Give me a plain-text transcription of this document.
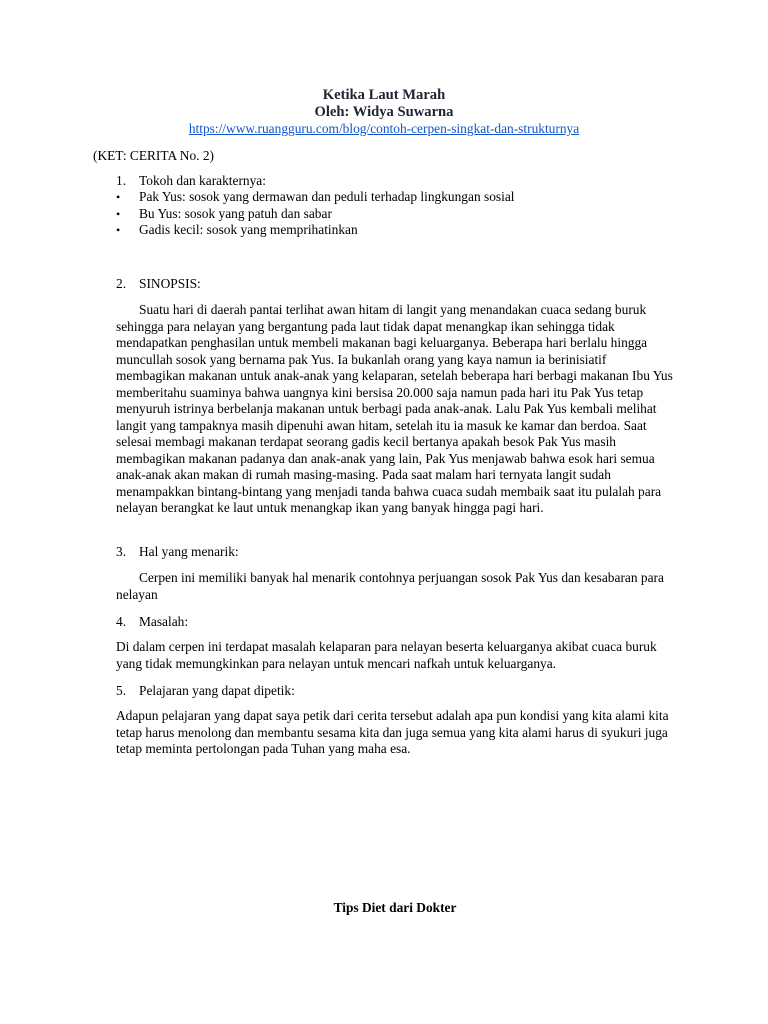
Ketika Laut Marah
Oleh: Widya Suwarna
https://www.ruangguru.com/blog/contoh-cerpen-singkat-dan-strukturnya
(KET: CERITA No. 2)
1. Tokoh dan karakternya:
• Pak Yus: sosok yang dermawan dan peduli terhadap lingkungan sosial
• Bu Yus: sosok yang patuh dan sabar
• Gadis kecil: sosok yang memprihatinkan
2. SINOPSIS:

Suatu hari di daerah pantai terlihat awan hitam di langit yang menandakan cuaca sedang buruk sehingga para nelayan yang bergantung pada laut tidak dapat menangkap ikan sehingga tidak mendapatkan penghasilan untuk membeli makanan bagi keluarganya. Beberapa hari berlalu hingga muncullah sosok yang bernama pak Yus. Ia bukanlah orang yang kaya namun ia berinisiatif membagikan makanan untuk anak-anak yang kelaparan, setelah beberapa hari berbagi makanan Ibu Yus memberitahu suaminya bahwa uangnya kini bersisa 20.000 saja namun pada hari itu Pak Yus tetap menyuruh istrinya berbelanja makanan untuk berbagi pada anak-anak. Lalu Pak Yus kembali melihat langit yang tampaknya masih dipenuhi awan hitam, setelah itu ia masuk ke kamar dan berdoa. Saat selesai membagi makanan terdapat seorang gadis kecil bertanya apakah besok Pak Yus masih membagikan makanan padanya dan anak-anak yang lain, Pak Yus menjawab bahwa esok hari semua anak-anak akan makan di rumah masing-masing. Pada saat malam hari ternyata langit sudah menampakkan bintang-bintang yang menjadi tanda bahwa cuaca sudah membaik saat itu pulalah para nelayan berangkat ke laut untuk menangkap ikan yang banyak hingga pagi hari.

3. Hal yang menarik:

Cerpen ini memiliki banyak hal menarik contohnya perjuangan sosok Pak Yus dan kesabaran para nelayan

4. Masalah:

Di dalam cerpen ini terdapat masalah kelaparan para nelayan beserta keluarganya akibat cuaca buruk yang tidak memungkinkan para nelayan untuk mencari nafkah untuk keluarganya.

5. Pelajaran yang dapat dipetik:

Adapun pelajaran yang dapat saya petik dari cerita tersebut adalah apa pun kondisi yang kita alami kita tetap harus menolong dan membantu sesama kita dan juga semua yang kita alami harus di syukuri juga tetap meminta pertolongan pada Tuhan yang maha esa.

Tips Diet dari Dokter
